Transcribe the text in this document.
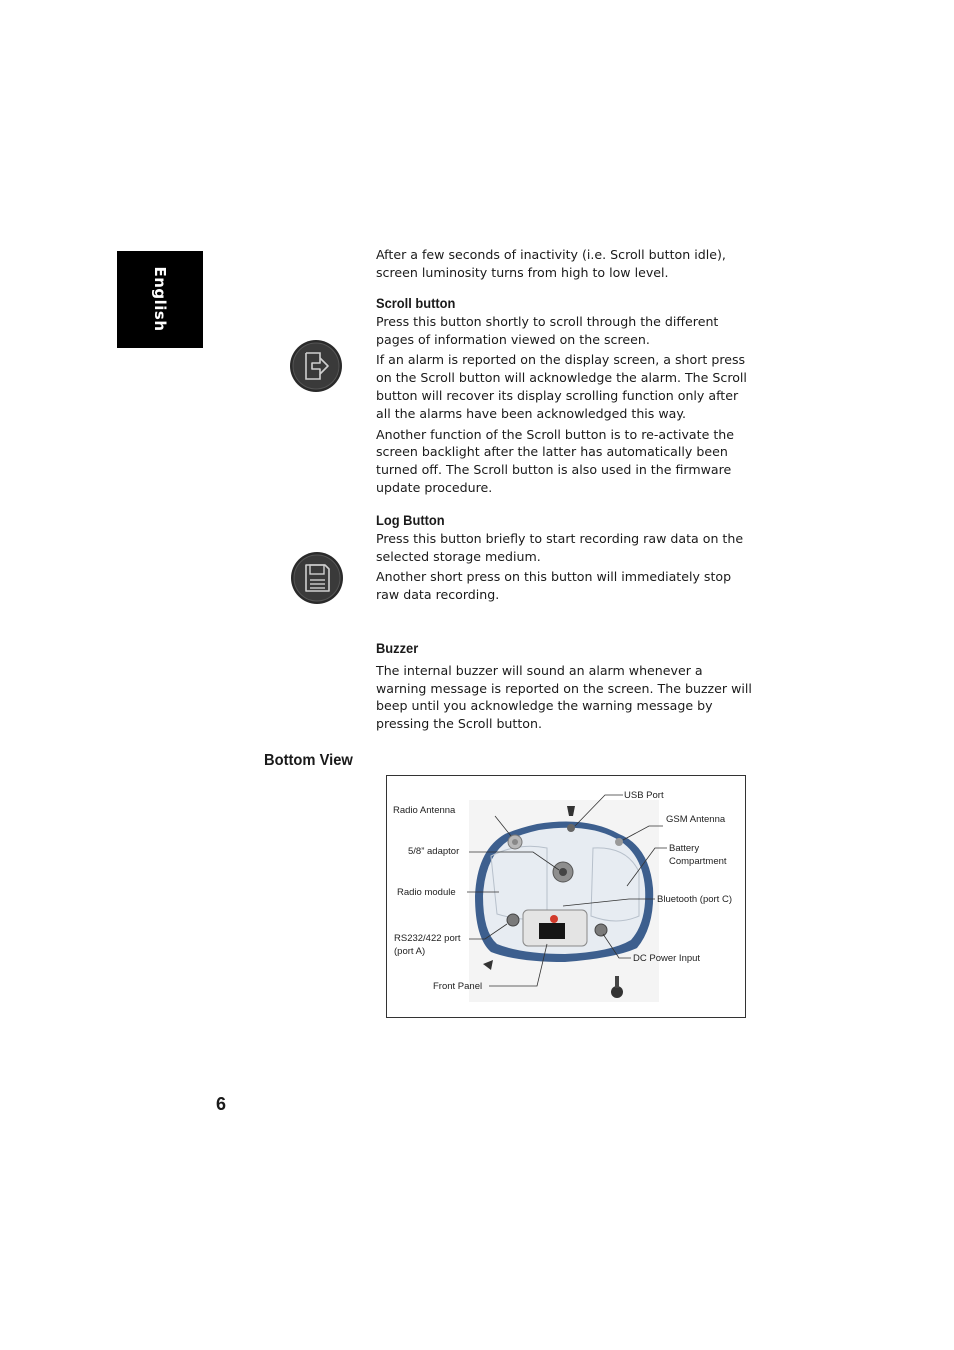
English

After a few seconds of inactivity (i.e. Scroll button idle), screen luminosity turns from high to low level.

Scroll button

Press this button shortly to scroll through the different pages of information viewed on the screen.

If an alarm is reported on the display screen, a short press on the Scroll button will acknowledge the alarm. The Scroll button will recover its display scrolling function only after all the alarms have been acknowledged this way.

Another function of the Scroll button is to re-activate the screen backlight after the latter has automatically been turned off. The Scroll button is also used in the firmware update procedure.

Log Button

Press this button briefly to start recording raw data on the selected storage medium.

Another short press on this button will immediately stop raw data recording.

Buzzer

The internal buzzer will sound an alarm whenever a warning message is reported on the screen. The buzzer will beep until you acknowledge the warning message by pressing the Scroll button.

Bottom View
Radio Antenna
5/8” adaptor
Radio module
RS232/422 port
(port A)
Front Panel
USB Port
GSM Antenna
Battery
Compartment
Bluetooth (port C)
DC Power Input
6
